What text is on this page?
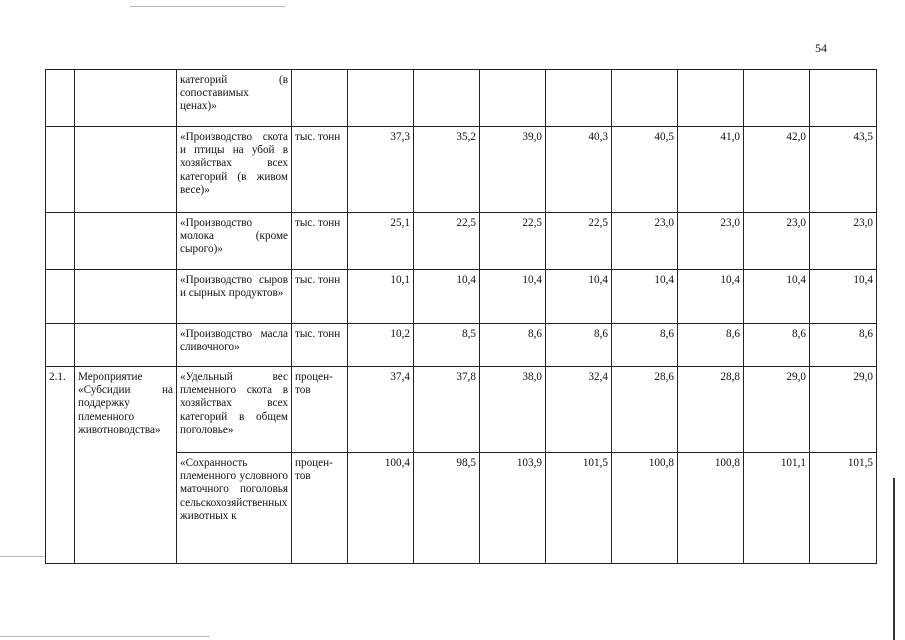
54
		категорий (в сопоставимых ценах)»									
		«Производство скота и птицы на убой в хозяйствах всех категорий (в живом весе)»	тыс. тонн	37,3	35,2	39,0	40,3	40,5	41,0	42,0	43,5
		«Производство молока (кроме сырого)»	тыс. тонн	25,1	22,5	22,5	22,5	23,0	23,0	23,0	23,0
		«Производство сыров и сырных продуктов»	тыс. тонн	10,1	10,4	10,4	10,4	10,4	10,4	10,4	10,4
		«Производство масла сливочного»	тыс. тонн	10,2	8,5	8,6	8,6	8,6	8,6	8,6	8,6
2.1.	Мероприятие «Субсидии на поддержку племенного животноводства»	«Удельный вес племенного скота в хозяйствах всех категорий в общем поголовье»	процен-тов	37,4	37,8	38,0	32,4	28,6	28,8	29,0	29,0
		«Сохранность племенного условного маточного поголовья сельскохозяйственных животных к	процен-тов	100,4	98,5	103,9	101,5	100,8	100,8	101,1	101,5
